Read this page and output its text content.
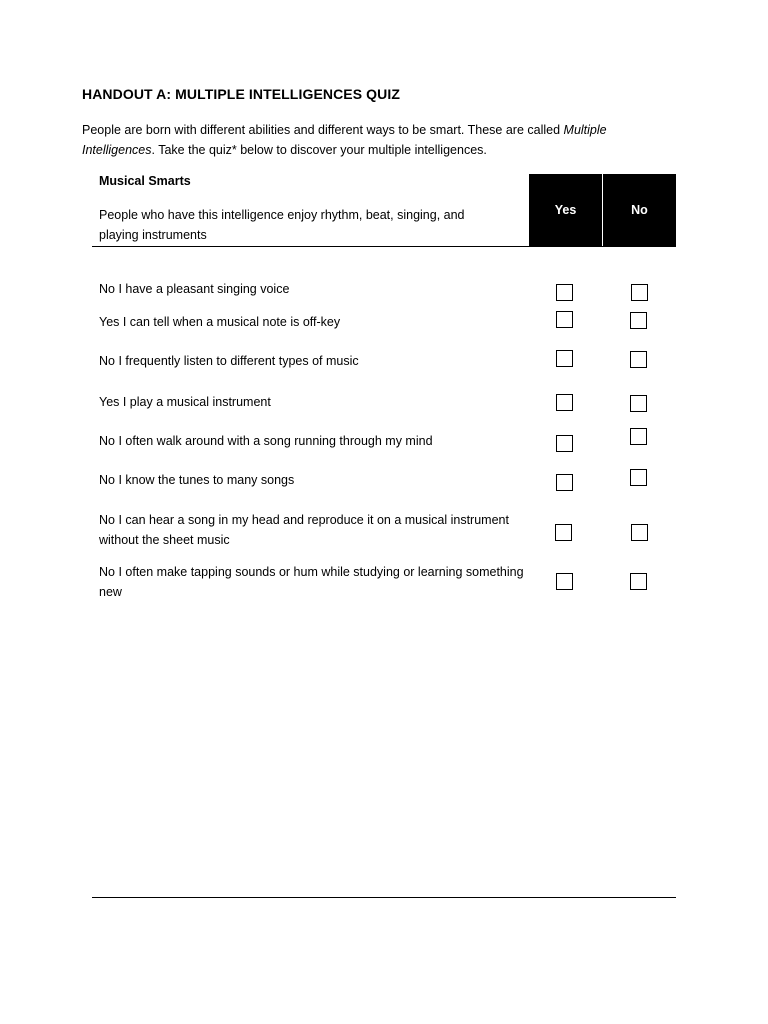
HANDOUT A: MULTIPLE INTELLIGENCES QUIZ
People are born with different abilities and different ways to be smart. These are called Multiple Intelligences. Take the quiz* below to discover your multiple intelligences.
Musical Smarts
People who have this intelligence enjoy rhythm, beat, singing, and playing instruments
Yes	No
No I have a pleasant singing voice
Yes I can tell when a musical note is off-key
No I frequently listen to different types of music
Yes I play a musical instrument
No I often walk around with a song running through my mind
No I know the tunes to many songs
No I can hear a song in my head and reproduce it on a musical instrument without the sheet music
No I often make tapping sounds or hum while studying or learning something new
